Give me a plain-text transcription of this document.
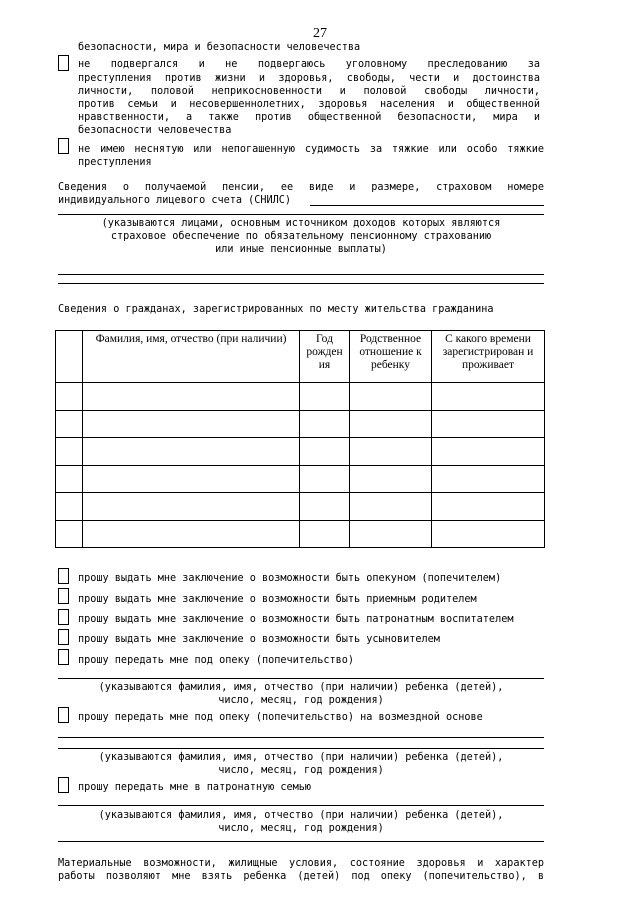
27
безопасности, мира и безопасности человечества
не подвергался и не подвергаюсь уголовному преследованию за
преступления против жизни и здоровья, свободы, чести и достоинства
личности, половой неприкосновенности и половой свободы личности,
против семьи и несовершеннолетних, здоровья населения и общественной
нравственности, а также против общественной безопасности, мира и
безопасности человечества
не имею неснятую или непогашенную судимость за тяжкие или особо тяжкие
преступления
Сведения о получаемой пенсии, ее виде и размере, страховом номере
индивидуального лицевого счета (СНИЛС)
(указываются лицами, основным источником доходов которых являются
страховое обеспечение по обязательному пенсионному страхованию
или иные пенсионные выплаты)
Сведения о гражданах, зарегистрированных по месту жительства гражданина
	Фамилия, имя, отчество (при наличии)	Год рожден ия	Родственное отношение к ребенку	С какого времени зарегистрирован и проживает

прошу выдать мне заключение о возможности быть опекуном (попечителем)
прошу выдать мне заключение о возможности быть приемным родителем
прошу выдать мне заключение о возможности быть патронатным воспитателем
прошу выдать мне заключение о возможности быть усыновителем
прошу передать мне под опеку (попечительство)
(указываются фамилия, имя, отчество (при наличии) ребенка (детей),
число, месяц, год рождения)
прошу передать мне под опеку (попечительство) на возмездной основе
(указываются фамилия, имя, отчество (при наличии) ребенка (детей),
число, месяц, год рождения)
прошу передать мне в патронатную семью
(указываются фамилия, имя, отчество (при наличии) ребенка (детей),
число, месяц, год рождения)
Материальные возможности, жилищные условия, состояние здоровья и характер
работы позволяют мне взять ребенка (детей) под опеку (попечительство), в
